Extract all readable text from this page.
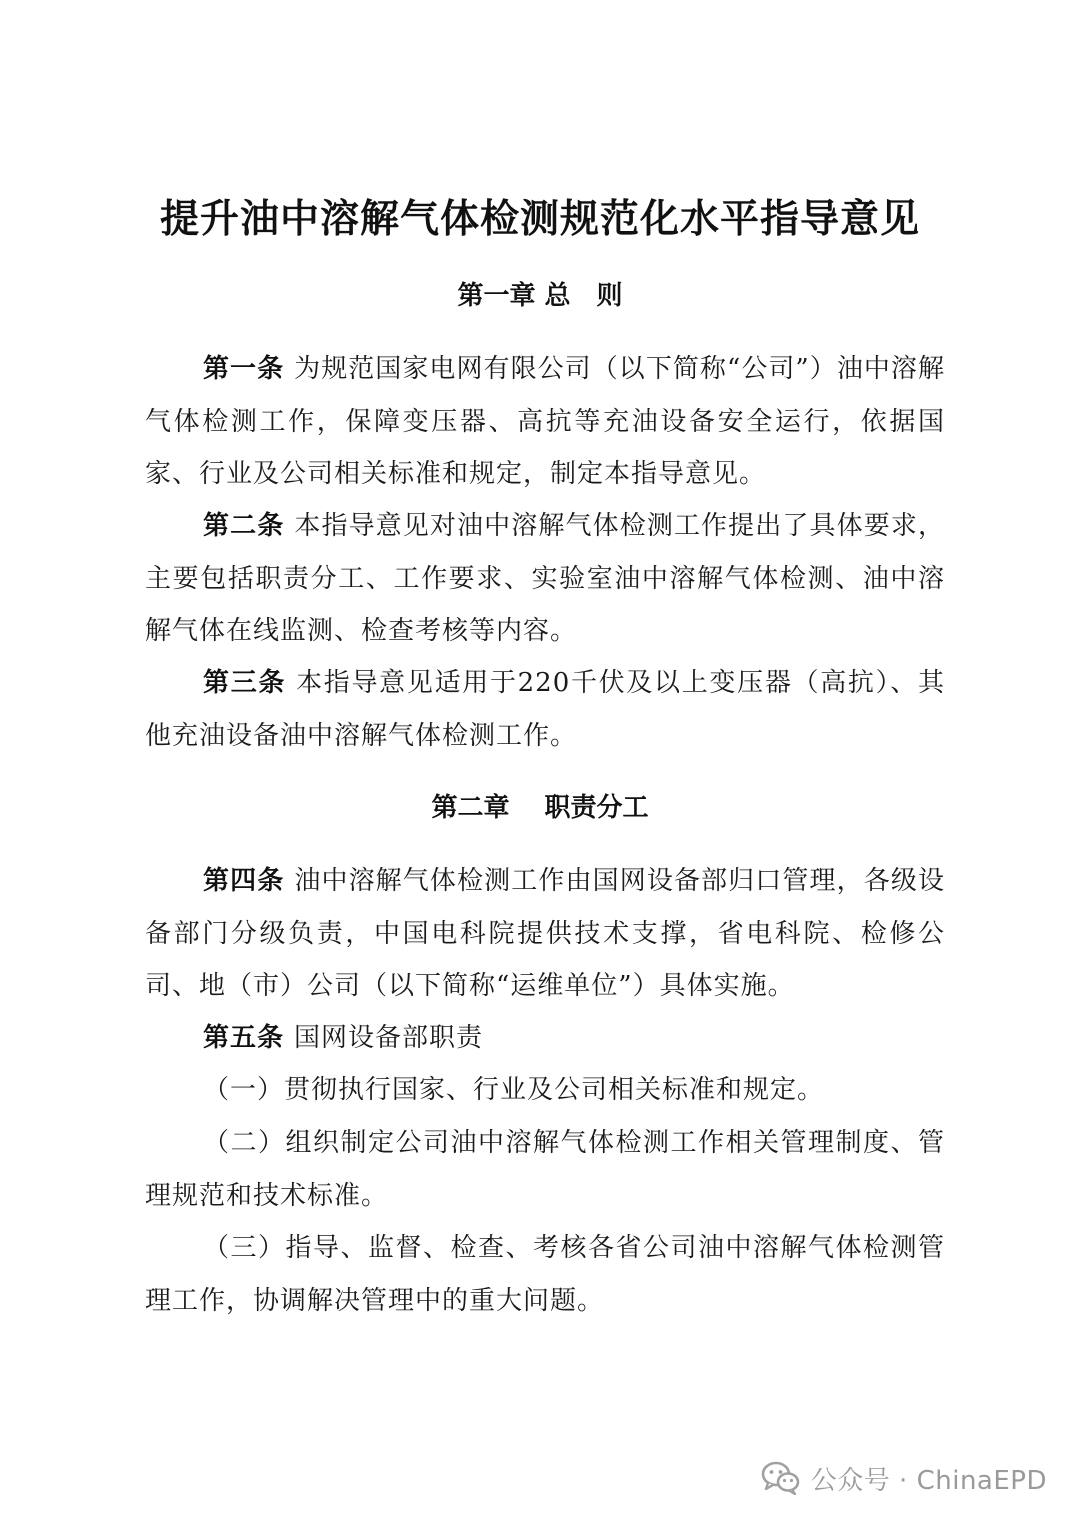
提升油中溶解气体检测规范化水平指导意见
第一章 总　则

第一条 为规范国家电网有限公司（以下简称“公司”）油中溶解气体检测工作，保障变压器、高抗等充油设备安全运行，依据国家、行业及公司相关标准和规定，制定本指导意见。

第二条 本指导意见对油中溶解气体检测工作提出了具体要求，主要包括职责分工、工作要求、实验室油中溶解气体检测、油中溶解气体在线监测、检查考核等内容。

第三条 本指导意见适用于220千伏及以上变压器（高抗）、其他充油设备油中溶解气体检测工作。

第二章　 职责分工

第四条 油中溶解气体检测工作由国网设备部归口管理，各级设备部门分级负责，中国电科院提供技术支撑，省电科院、检修公司、地（市）公司（以下简称“运维单位”）具体实施。

第五条 国网设备部职责

（一）贯彻执行国家、行业及公司相关标准和规定。

（二）组织制定公司油中溶解气体检测工作相关管理制度、管理规范和技术标准。

（三）指导、监督、检查、考核各省公司油中溶解气体检测管理工作，协调解决管理中的重大问题。

公众号 · ChinaEPD
